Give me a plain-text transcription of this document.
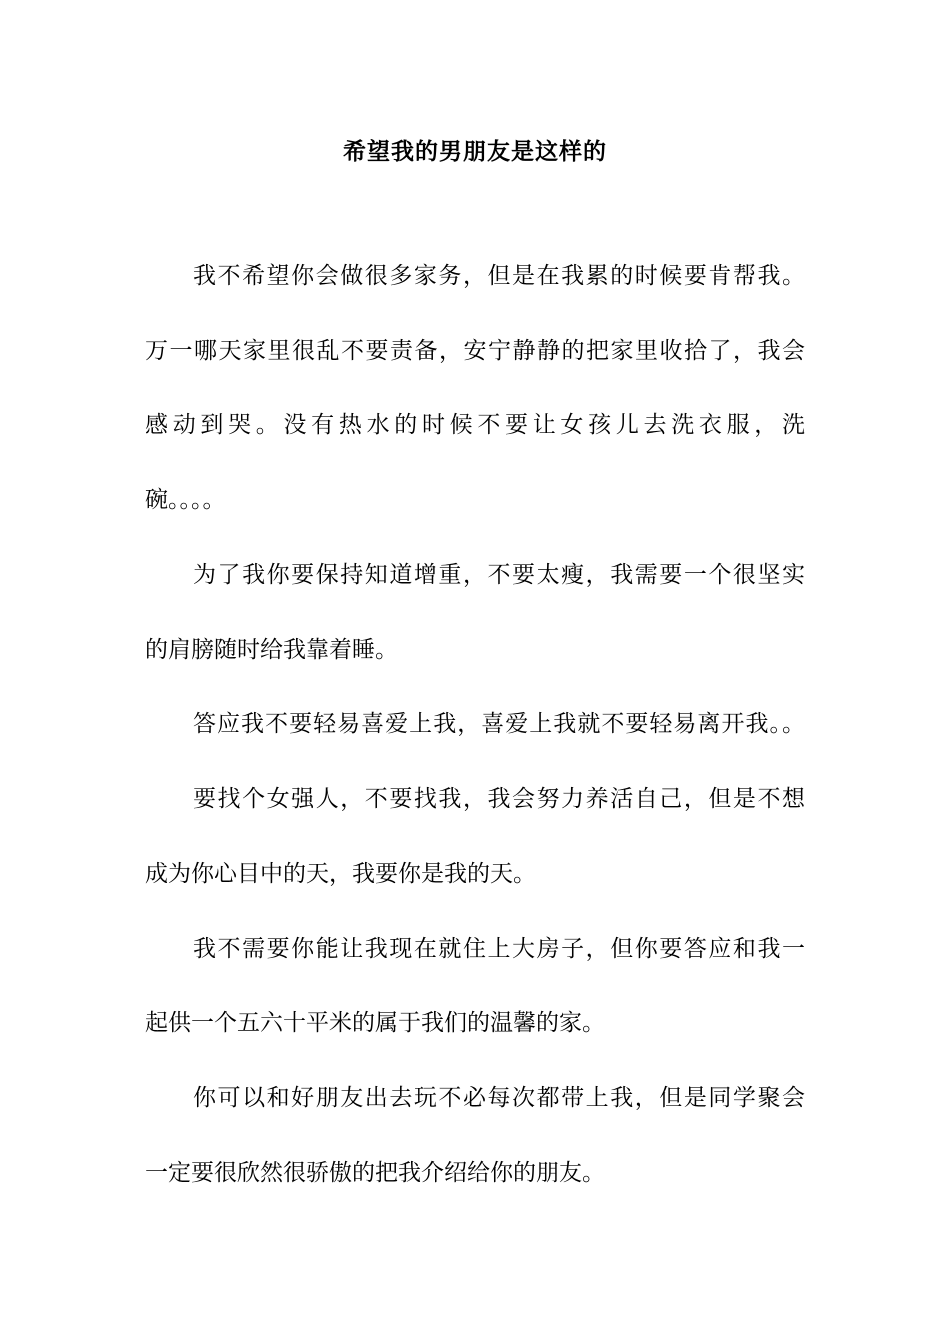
希望我的男朋友是这样的
我不希望你会做很多家务，但是在我累的时候要肯帮我。
万一哪天家里很乱不要责备，安宁静静的把家里收拾了，我会
感动到哭。没有热水的时候不要让女孩儿去洗衣服，洗
碗。。。。
为了我你要保持知道增重，不要太瘦，我需要一个很坚实
的肩膀随时给我靠着睡。
答应我不要轻易喜爱上我，喜爱上我就不要轻易离开我。。
要找个女强人，不要找我，我会努力养活自己，但是不想
成为你心目中的天，我要你是我的天。
我不需要你能让我现在就住上大房子，但你要答应和我一
起供一个五六十平米的属于我们的温馨的家。
你可以和好朋友出去玩不必每次都带上我，但是同学聚会
一定要很欣然很骄傲的把我介绍给你的朋友。
